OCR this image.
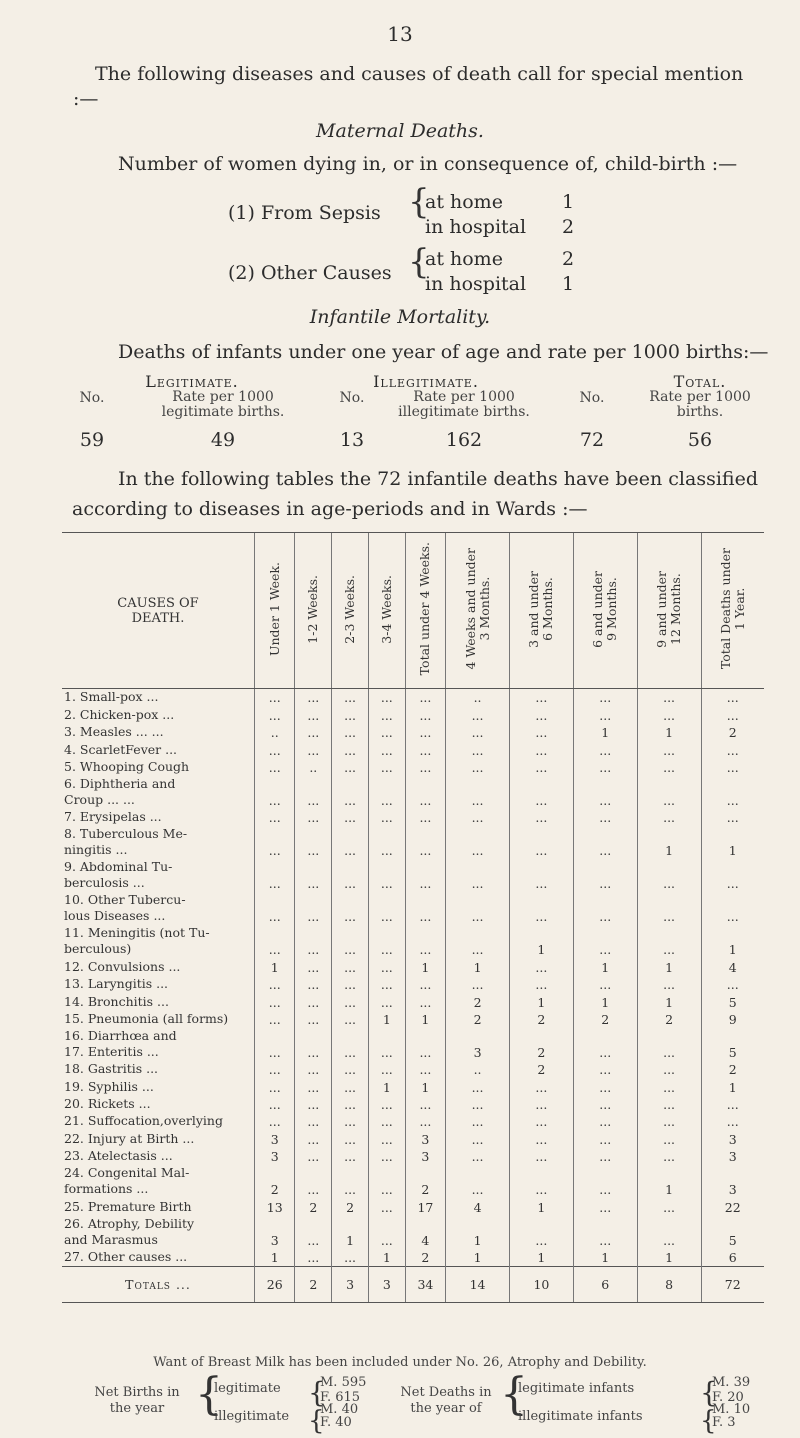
13
The following diseases and causes of death call for special mention :—
Maternal Deaths.
Number of women dying in, or in consequence of, child-birth :—
(1) From Sepsis {
at home	1
in hospital 2
(2) Other Causes {
at home	2
in hospital 1
Infantile Mortality.
Deaths of infants under one year of age and rate per 1000 births:—
Legitimate.	Illegitimate.	Total.
No.	Rate per 1000
legitimate births.
No.	Rate per 1000
illegitimate births.
No.	Rate per 1000
births.
59	49	13	162	72	56
In the following tables the 72 infantile deaths have been classified according to diseases in age-periods and in Wards :—
CAUSES OF
DEATH.	Under 1 Week.	1-2 Weeks.	2-3 Weeks.	3-4 Weeks.	Total under 4 Weeks.	4 Weeks and under
3 Months.	3 and under
6 Months.	6 and under
9 Months.	9 and under
12 Months.	Total Deaths under
1 Year.
1. Small-pox ...	...	...	...	...	...	..	...	...	...	...
2. Chicken-pox ...	...	...	...	...	...	...	...	...	...	...
3. Measles ... ...	..	...	...	...	...	...	...	1	1	2
4. ScarletFever ...	...	...	...	...	...	...	...	...	...	...
5. Whooping Cough	...	..	...	...	...	...	...	...	...	...
6. Diphtheria and
Croup ... ...	...	...	...	...	...	...	...	...	...	...
7. Erysipelas ...	...	...	...	...	...	...	...	...	...	...
8. Tuberculous Me-
ningitis ...	...	...	...	...	...	...	...	...	1	1
9. Abdominal Tu-
berculosis ...	...	...	...	...	...	...	...	...	...	...
10. Other Tubercu-
lous Diseases ...	...	...	...	...	...	...	...	...	...	...
11. Meningitis (not Tu-
berculous)	...	...	...	...	...	...	1	...	...	1
12. Convulsions ...	1	...	...	...	1	1	...	1	1	4
13. Laryngitis ...	...	...	...	...	...	...	...	...	...	...
14. Bronchitis ...	...	...	...	...	...	2	1	1	1	5
15. Pneumonia (all forms)	...	...	...	1	1	2	2	2	2	9
16. Diarrhœa and
17. Enteritis ...	...	...	...	...	...	3	2	...	...	5
18. Gastritis ...	...	...	...	...	...	..	2	...	...	2
19. Syphilis ...	...	...	...	1	1	...	...	...	...	1
20. Rickets ...	...	...	...	...	...	...	...	...	...	...
21. Suffocation,overlying	...	...	...	...	...	...	...	...	...	...
22. Injury at Birth ...	3	...	...	...	3	...	...	...	...	3
23. Atelectasis ...	3	...	...	...	3	...	...	...	...	3
24. Congenital Mal-
formations ...	2	...	...	...	2	...	...	...	1	3
25. Premature Birth	13	2	2	...	17	4	1	...	...	22
26. Atrophy, Debility
and Marasmus	3	...	1	...	4	1	...	...	...	5
27. Other causes ...	1	...	...	1	2	1	1	1	1	6
Totals ...	26	2	3	3	34	14	10	6	8	72
Want of Breast Milk has been included under No. 26, Atrophy and Debility.
Net Births in
the year {
legitimate {
M. 595
F. 615
illegitimate {
M. 40
F. 40
Net Deaths in
the year of {
legitimate infants {
M. 39
F. 20
illegitimate infants {
M. 10
F. 3
